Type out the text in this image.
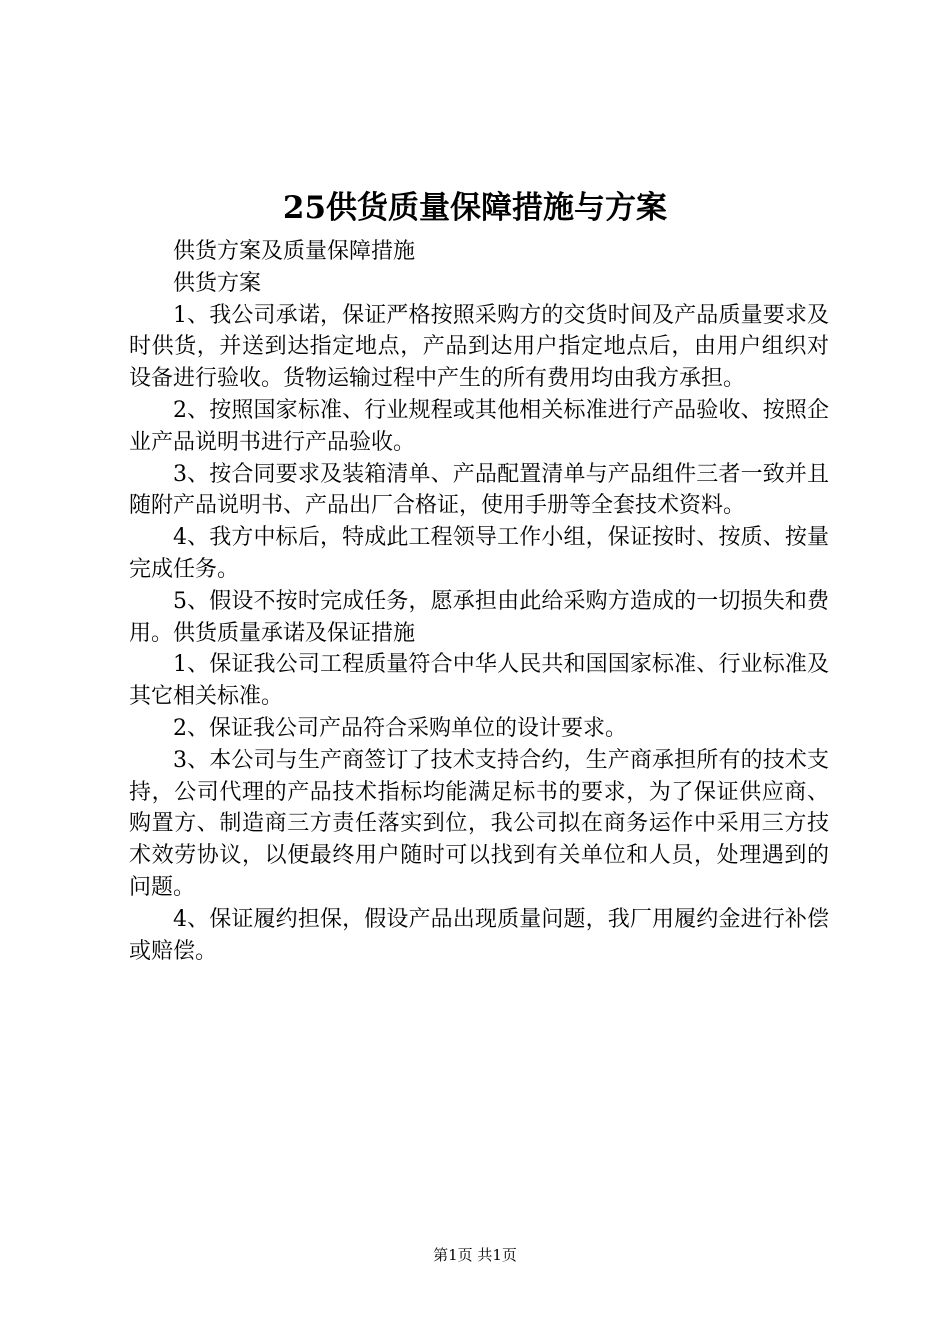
25供货质量保障措施与方案

供货方案及质量保障措施

供货方案

1、我公司承诺，保证严格按照采购方的交货时间及产品质量要求及时供货，并送到达指定地点，产品到达用户指定地点后，由用户组织对设备进行验收。货物运输过程中产生的所有费用均由我方承担。

2、按照国家标准、行业规程或其他相关标准进行产品验收、按照企业产品说明书进行产品验收。

3、按合同要求及装箱清单、产品配置清单与产品组件三者一致并且随附产品说明书、产品出厂合格证，使用手册等全套技术资料。

4、我方中标后，特成此工程领导工作小组，保证按时、按质、按量完成任务。

5、假设不按时完成任务，愿承担由此给采购方造成的一切损失和费用。供货质量承诺及保证措施

1、保证我公司工程质量符合中华人民共和国国家标准、行业标准及其它相关标准。

2、保证我公司产品符合采购单位的设计要求。

3、本公司与生产商签订了技术支持合约，生产商承担所有的技术支持，公司代理的产品技术指标均能满足标书的要求，为了保证供应商、购置方、制造商三方责任落实到位，我公司拟在商务运作中采用三方技术效劳协议，以便最终用户随时可以找到有关单位和人员，处理遇到的问题。

4、保证履约担保，假设产品出现质量问题，我厂用履约金进行补偿或赔偿。

第1页 共1页
